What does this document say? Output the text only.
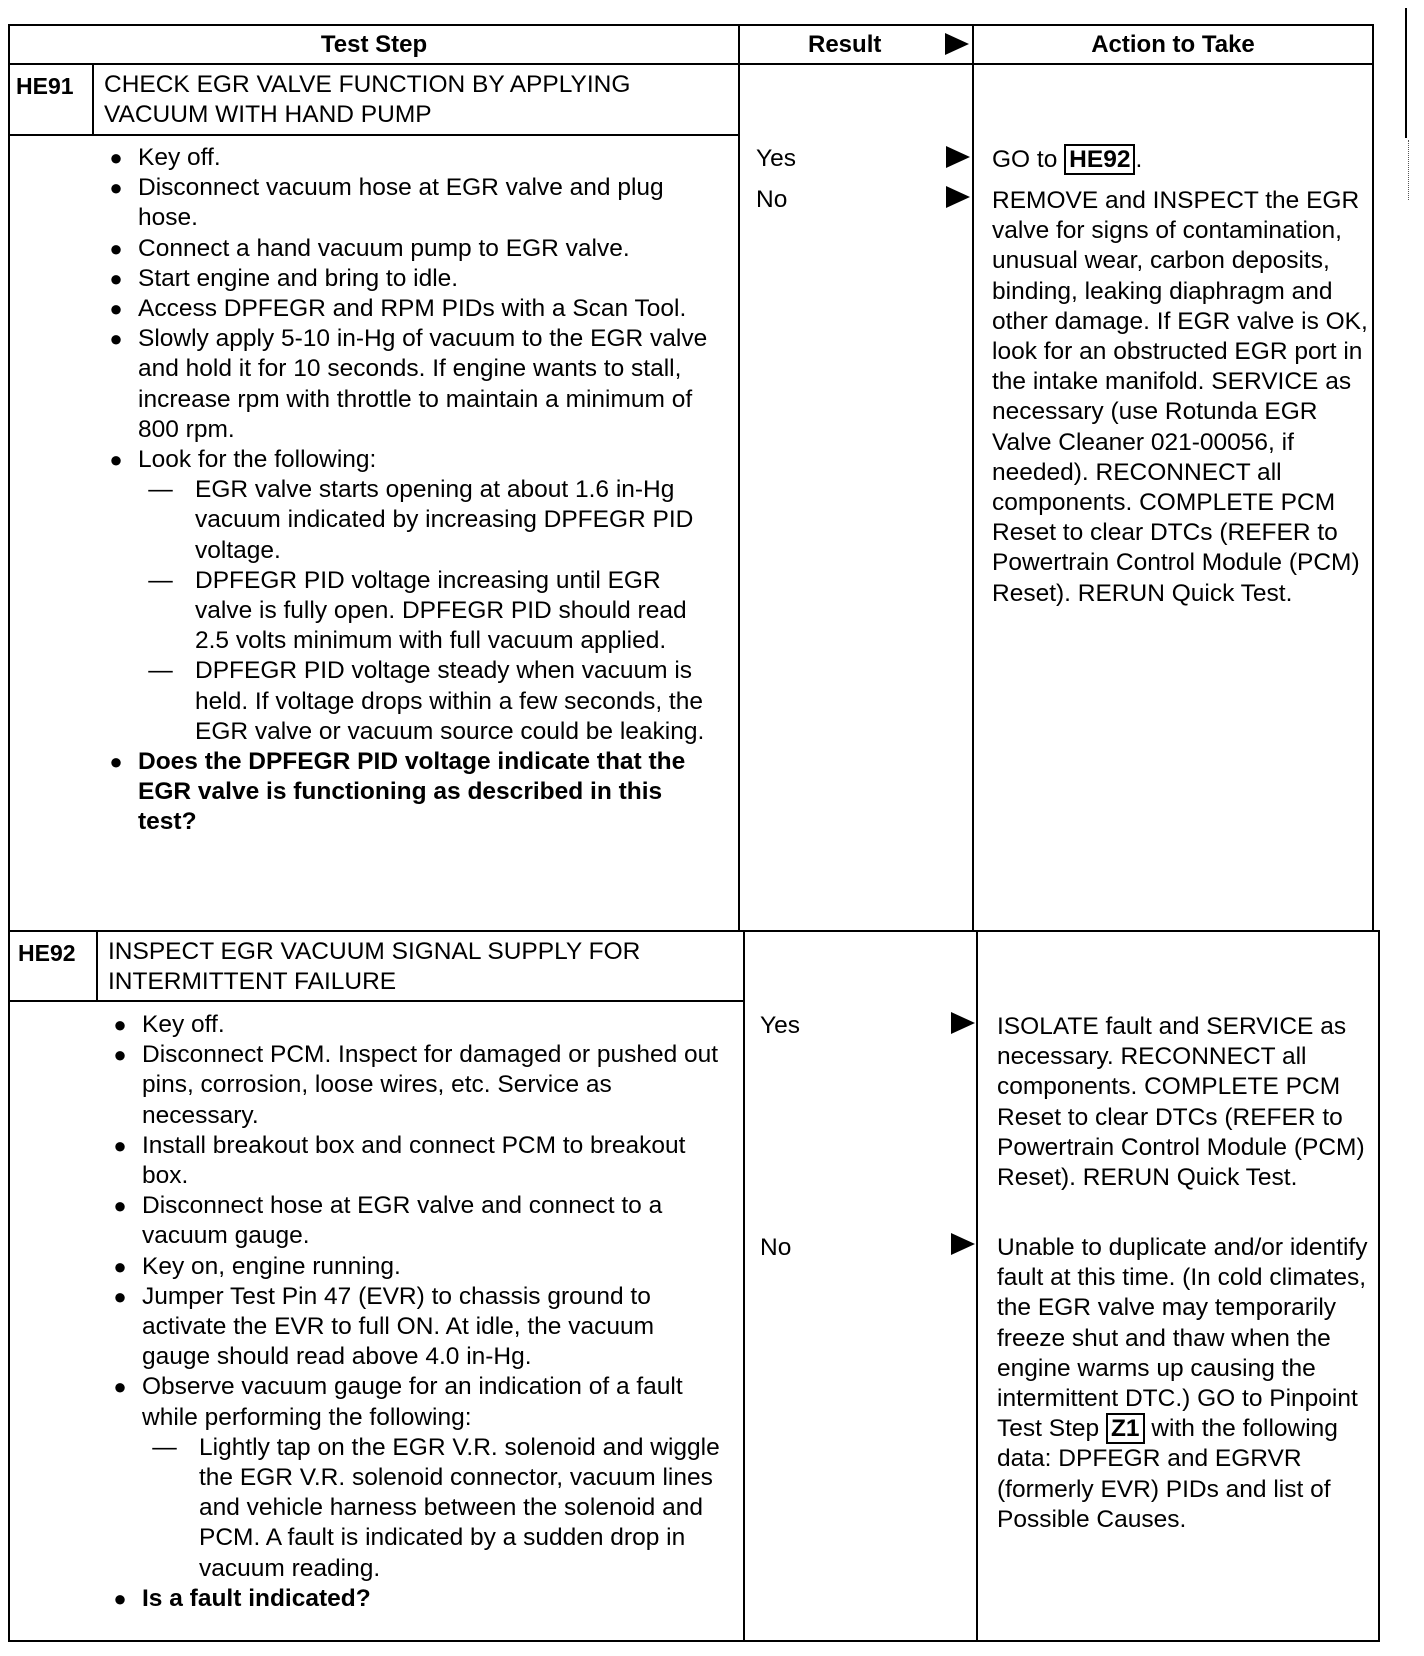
Test Step	Result	Action to Take
HE91 CHECK EGR VALVE FUNCTION BY APPLYING VACUUM WITH HAND PUMP
● Key off.
● Disconnect vacuum hose at EGR valve and plug hose.
● Connect a hand vacuum pump to EGR valve.
● Start engine and bring to idle.
● Access DPFEGR and RPM PIDs with a Scan Tool.
● Slowly apply 5-10 in-Hg of vacuum to the EGR valve and hold it for 10 seconds. If engine wants to stall, increase rpm with throttle to maintain a minimum of 800 rpm.
● Look for the following:
— EGR valve starts opening at about 1.6 in-Hg vacuum indicated by increasing DPFEGR PID voltage.
— DPFEGR PID voltage increasing until EGR valve is fully open. DPFEGR PID should read 2.5 volts minimum with full vacuum applied.
— DPFEGR PID voltage steady when vacuum is held. If voltage drops within a few seconds, the EGR valve or vacuum source could be leaking.
● Does the DPFEGR PID voltage indicate that the EGR valve is functioning as described in this test?
Yes
No
GO to HE92 .
REMOVE and INSPECT the EGR valve for signs of contamination, unusual wear, carbon deposits, binding, leaking diaphragm and other damage. If EGR valve is OK, look for an obstructed EGR port in the intake manifold. SERVICE as necessary (use Rotunda EGR Valve Cleaner 021-00056, if needed). RECONNECT all components. COMPLETE PCM Reset to clear DTCs (REFER to Powertrain Control Module (PCM) Reset). RERUN Quick Test.
HE92 INSPECT EGR VACUUM SIGNAL SUPPLY FOR INTERMITTENT FAILURE
● Key off.
● Disconnect PCM. Inspect for damaged or pushed out pins, corrosion, loose wires, etc. Service as necessary.
● Install breakout box and connect PCM to breakout box.
● Disconnect hose at EGR valve and connect to a vacuum gauge.
● Key on, engine running.
● Jumper Test Pin 47 (EVR) to chassis ground to activate the EVR to full ON. At idle, the vacuum gauge should read above 4.0 in-Hg.
● Observe vacuum gauge for an indication of a fault while performing the following:
— Lightly tap on the EGR V.R. solenoid and wiggle the EGR V.R. solenoid connector, vacuum lines and vehicle harness between the solenoid and PCM. A fault is indicated by a sudden drop in vacuum reading.
● Is a fault indicated?
Yes
No
ISOLATE fault and SERVICE as necessary. RECONNECT all components. COMPLETE PCM Reset to clear DTCs (REFER to Powertrain Control Module (PCM) Reset). RERUN Quick Test.
Unable to duplicate and/or identify fault at this time. (In cold climates, the EGR valve may temporarily freeze shut and thaw when the engine warms up causing the intermittent DTC.) GO to Pinpoint Test Step Z1 with the following data: DPFEGR and EGRVR (formerly EVR) PIDs and list of Possible Causes.
